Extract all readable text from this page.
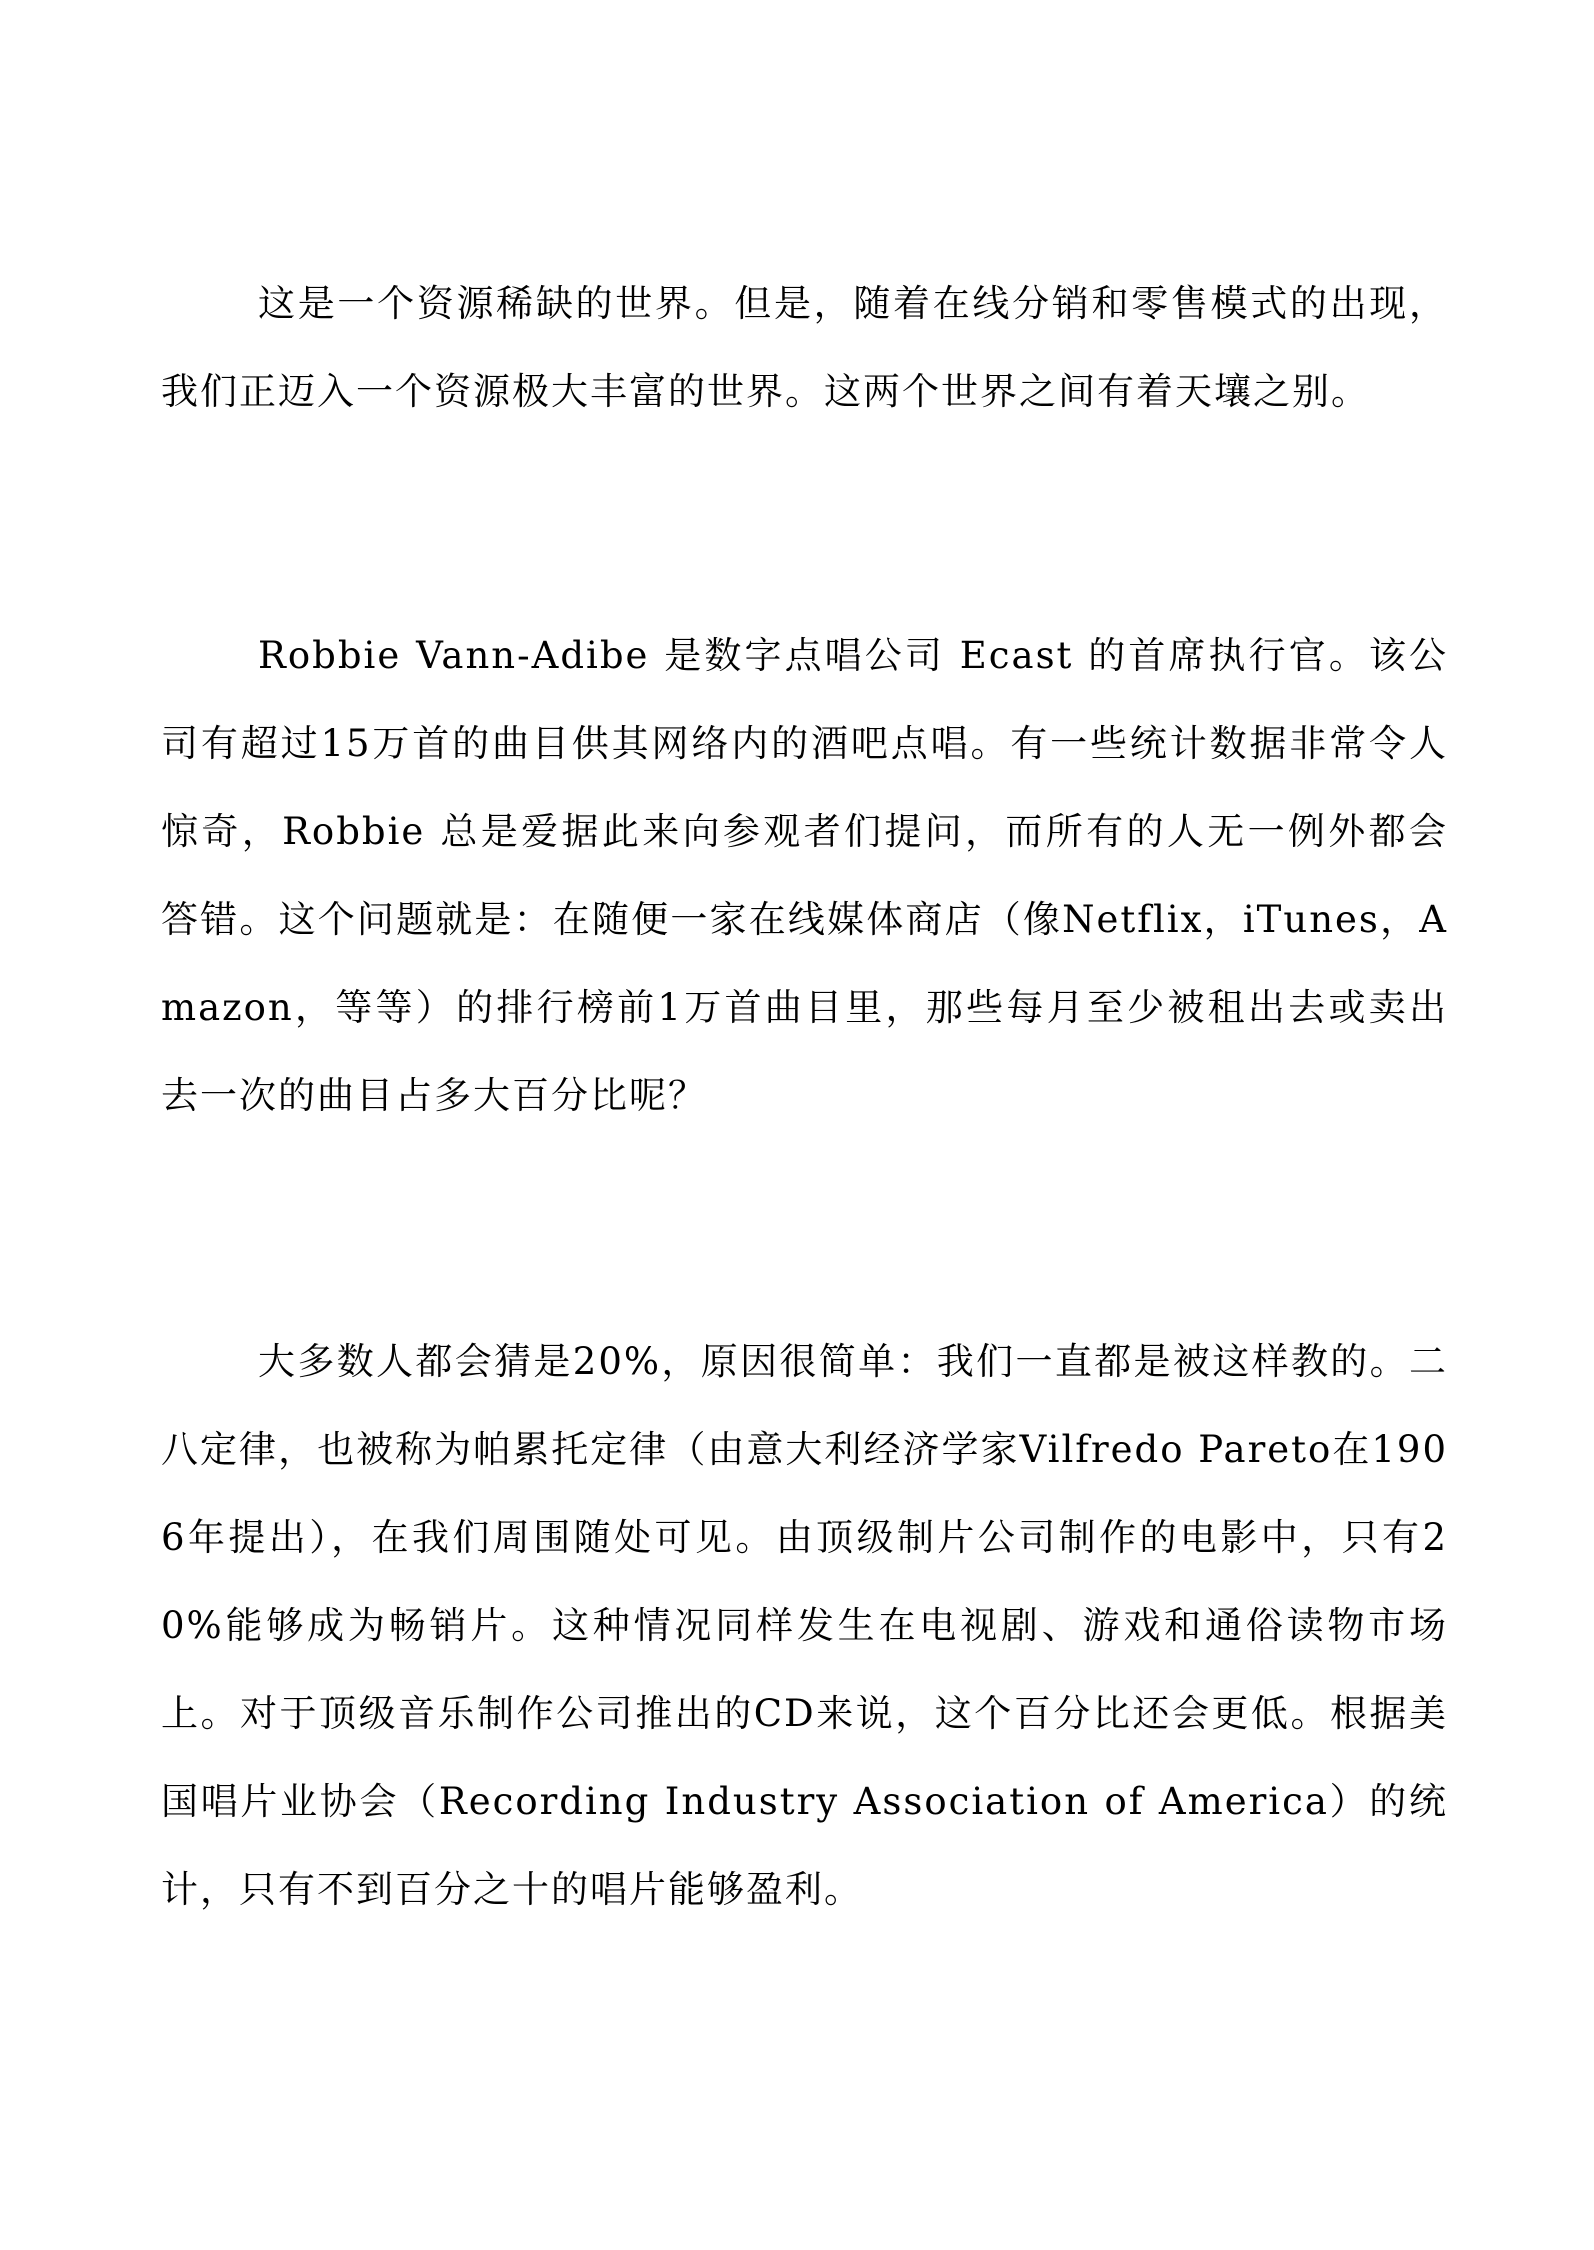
这是一个资源稀缺的世界。但是，随着在线分销和零售模式的出现，我们正迈入一个资源极大丰富的世界。这两个世界之间有着天壤之别。

Robbie Vann-Adibe 是数字点唱公司 Ecast 的首席执行官。该公司有超过15万首的曲目供其网络内的酒吧点唱。有一些统计数据非常令人惊奇，Robbie 总是爱据此来向参观者们提问，而所有的人无一例外都会答错。这个问题就是：在随便一家在线媒体商店（像Netflix，iTunes，Amazon，等等）的排行榜前1万首曲目里，那些每月至少被租出去或卖出去一次的曲目占多大百分比呢？

大多数人都会猜是20%，原因很简单：我们一直都是被这样教的。二八定律，也被称为帕累托定律（由意大利经济学家Vilfredo Pareto在1906年提出），在我们周围随处可见。由顶级制片公司制作的电影中，只有20%能够成为畅销片。这种情况同样发生在电视剧、游戏和通俗读物市场上。对于顶级音乐制作公司推出的CD来说，这个百分比还会更低。根据美国唱片业协会（Recording Industry Association of America）的统计，只有不到百分之十的唱片能够盈利。
